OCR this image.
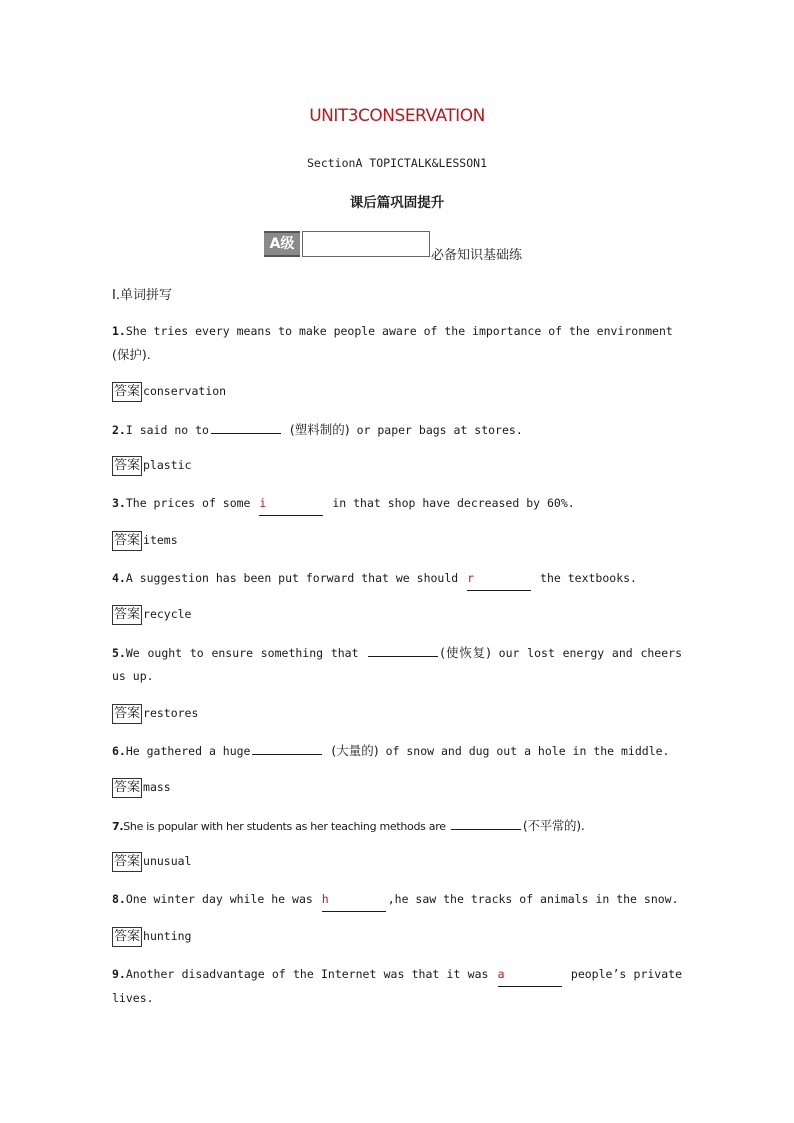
UNIT3CONSERVATION
SectionA TOPICTALK&LESSON1
课后篇巩固提升
A级
必备知识基础练
Ⅰ.单词拼写
1.She tries every means to make people aware of the importance of the environment
(保护).
答案 conservation
2.I said no to	(塑料制的) or paper bags at stores.
答案 plastic
3.The prices of some i	in that shop have decreased by 60%.
答案 items
4.A suggestion has been put forward that we should r	the textbooks.
答案 recycle
5.We ought to ensure something that	(使恢复) our lost energy and cheers us up.
答案 restores
6.He gathered a huge	(大量的) of snow and dug out a hole in the middle.
答案 mass
7.She is popular with her students as her teaching methods are	(不平常的).
答案 unusual
8.One winter day while he was h	,he saw the tracks of animals in the snow.
答案 hunting
9.Another disadvantage of the Internet was that it was a	people’s private lives.
